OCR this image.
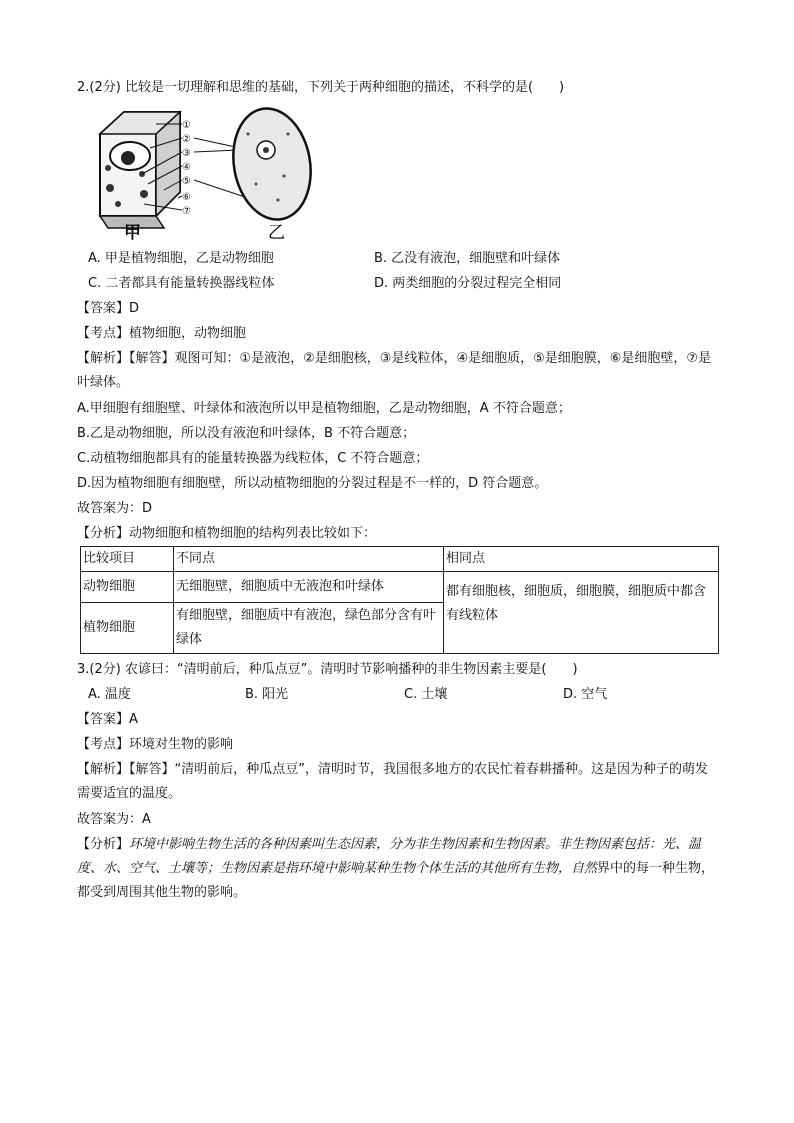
2.(2分) 比较是一切理解和思维的基础，下列关于两种细胞的描述，不科学的是(　　)
①
②
③
④
⑤
⑥
⑦
甲	乙
A. 甲是植物细胞，乙是动物细胞	B. 乙没有液泡，细胞壁和叶绿体
C. 二者都具有能量转换器线粒体	D. 两类细胞的分裂过程完全相同
【答案】D
【考点】植物细胞，动物细胞
【解析】【解答】观图可知：①是液泡，②是细胞核，③是线粒体，④是细胞质，⑤是细胞膜，⑥是细胞壁，⑦是叶绿体。
A.甲细胞有细胞壁、叶绿体和液泡所以甲是植物细胞，乙是动物细胞，A 不符合题意；
B.乙是动物细胞，所以没有液泡和叶绿体，B 不符合题意；
C.动植物细胞都具有的能量转换器为线粒体，C 不符合题意；
D.因为植物细胞有细胞壁，所以动植物细胞的分裂过程是不一样的，D 符合题意。
故答案为：D
【分析】动物细胞和植物细胞的结构列表比较如下：
比较项目	不同点	相同点
动物细胞	无细胞壁，细胞质中无液泡和叶绿体	都有细胞核，细胞质，细胞膜，细胞质中都含有线粒体
植物细胞	有细胞壁，细胞质中有液泡，绿色部分含有叶绿体	
3.(2分) 农谚曰：“清明前后，种瓜点豆”。清明时节影响播种的非生物因素主要是(　　)
A. 温度	B. 阳光	C. 土壤	D. 空气
【答案】A
【考点】环境对生物的影响
【解析】【解答】“清明前后，种瓜点豆”，清明时节，我国很多地方的农民忙着春耕播种。这是因为种子的萌发需要适宜的温度。
故答案为：A
【分析】环境中影响生物生活的各种因素叫生态因素，分为非生物因素和生物因素。非生物因素包括：光、温度、水、空气、土壤等；生物因素是指环境中影响某种生物个体生活的其他所有生物，自然界中的每一种生物，都受到周围其他生物的影响。
